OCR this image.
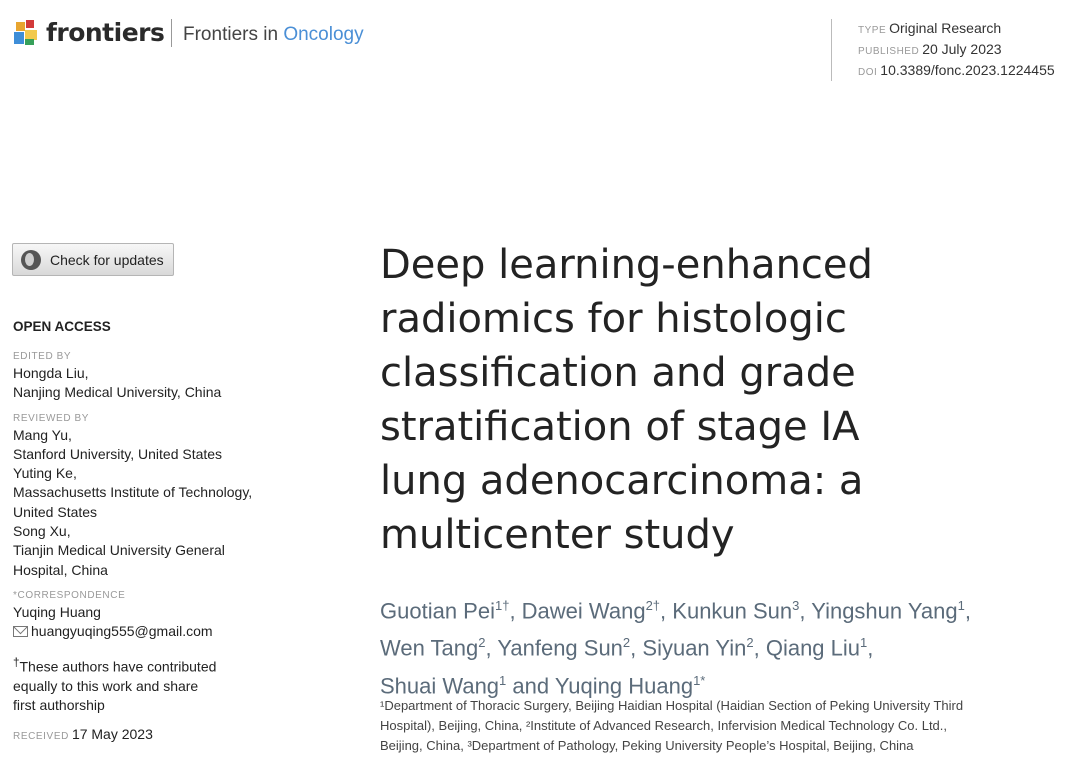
frontiers Frontiers in Oncology	TYPE Original Research
PUBLISHED 20 July 2023
DOI 10.3389/fonc.2023.1224455
Check for updates
OPEN ACCESS
EDITED BY
Hongda Liu,
Nanjing Medical University, China
REVIEWED BY
Mang Yu,
Stanford University, United States
Yuting Ke,
Massachusetts Institute of Technology,
United States
Song Xu,
Tianjin Medical University General
Hospital, China
*CORRESPONDENCE
Yuqing Huang
huangyuqing555@gmail.com
†These authors have contributed
equally to this work and share
first authorship
RECEIVED 17 May 2023
Deep learning-enhanced
radiomics for histologic
classification and grade
stratification of stage IA
lung adenocarcinoma: a
multicenter study
Guotian Pei$^{1\dagger}$, Dawei Wang$^{2\dagger}$, Kunkun Sun$^3$, Yingshun Yang$^1$,
Wen Tang$^2$, Yanfeng Sun$^2$, Siyuan Yin$^2$, Qiang Liu$^1$,
Shuai Wang$^1$ and Yuqing Huang$^{1*}$
¹Department of Thoracic Surgery, Beijing Haidian Hospital (Haidian Section of Peking University Third
Hospital), Beijing, China, ²Institute of Advanced Research, Infervision Medical Technology Co. Ltd.,
Beijing, China, ³Department of Pathology, Peking University People’s Hospital, Beijing, China
